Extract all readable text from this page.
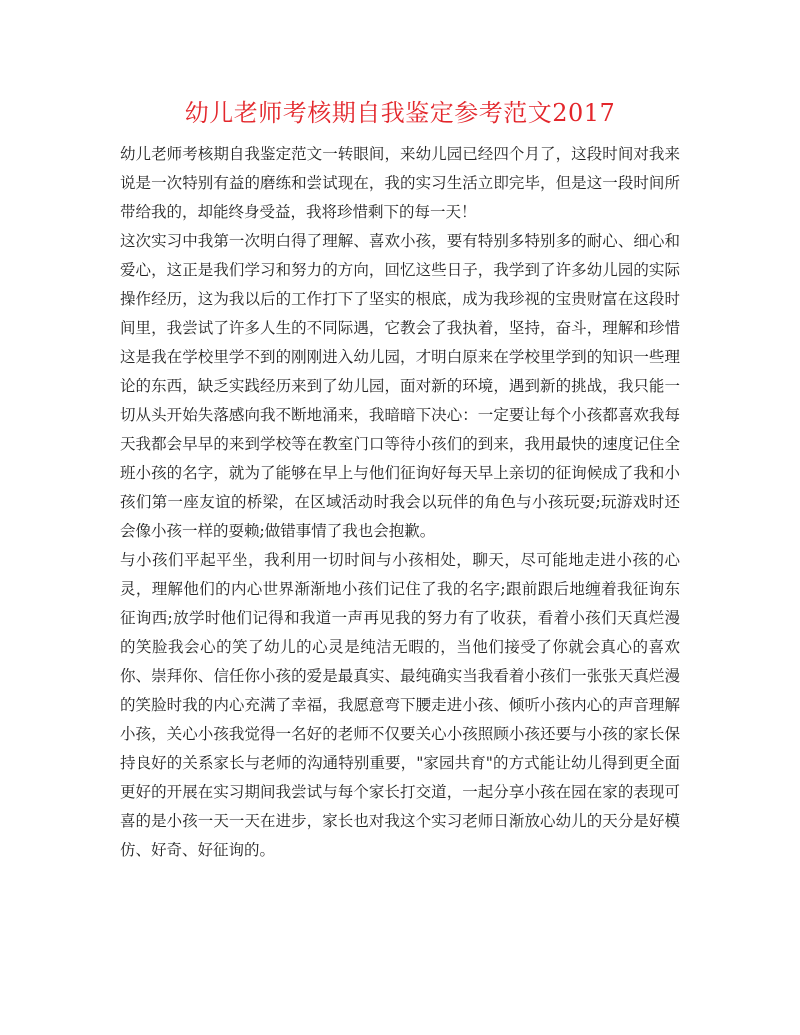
幼儿老师考核期自我鉴定参考范文2017

幼儿老师考核期自我鉴定范文一转眼间，来幼儿园已经四个月了，这段时间对我来说是一次特别有益的磨练和尝试现在，我的实习生活立即完毕，但是这一段时间所带给我的，却能终身受益，我将珍惜剩下的每一天！

这次实习中我第一次明白得了理解、喜欢小孩，要有特别多特别多的耐心、细心和爱心，这正是我们学习和努力的方向，回忆这些日子，我学到了许多幼儿园的实际操作经历，这为我以后的工作打下了坚实的根底，成为我珍视的宝贵财富在这段时间里，我尝试了许多人生的不同际遇，它教会了我执着，坚持，奋斗，理解和珍惜这是我在学校里学不到的刚刚进入幼儿园，才明白原来在学校里学到的知识一些理论的东西，缺乏实践经历来到了幼儿园，面对新的环境，遇到新的挑战，我只能一切从头开始失落感向我不断地涌来，我暗暗下决心：一定要让每个小孩都喜欢我每天我都会早早的来到学校等在教室门口等待小孩们的到来，我用最快的速度记住全班小孩的名字，就为了能够在早上与他们征询好每天早上亲切的征询候成了我和小孩们第一座友谊的桥梁，在区域活动时我会以玩伴的角色与小孩玩耍;玩游戏时还会像小孩一样的耍赖;做错事情了我也会抱歉。

与小孩们平起平坐，我利用一切时间与小孩相处，聊天，尽可能地走进小孩的心灵，理解他们的内心世界渐渐地小孩们记住了我的名字;跟前跟后地缠着我征询东征询西;放学时他们记得和我道一声再见我的努力有了收获，看着小孩们天真烂漫的笑脸我会心的笑了幼儿的心灵是纯洁无暇的，当他们接受了你就会真心的喜欢你、崇拜你、信任你小孩的爱是最真实、最纯确实当我看着小孩们一张张天真烂漫的笑脸时我的内心充满了幸福，我愿意弯下腰走进小孩、倾听小孩内心的声音理解小孩，关心小孩我觉得一名好的老师不仅要关心小孩照顾小孩还要与小孩的家长保持良好的关系家长与老师的沟通特别重要，"家园共育"的方式能让幼儿得到更全面更好的开展在实习期间我尝试与每个家长打交道，一起分享小孩在园在家的表现可喜的是小孩一天一天在进步，家长也对我这个实习老师日渐放心幼儿的天分是好模仿、好奇、好征询的。
